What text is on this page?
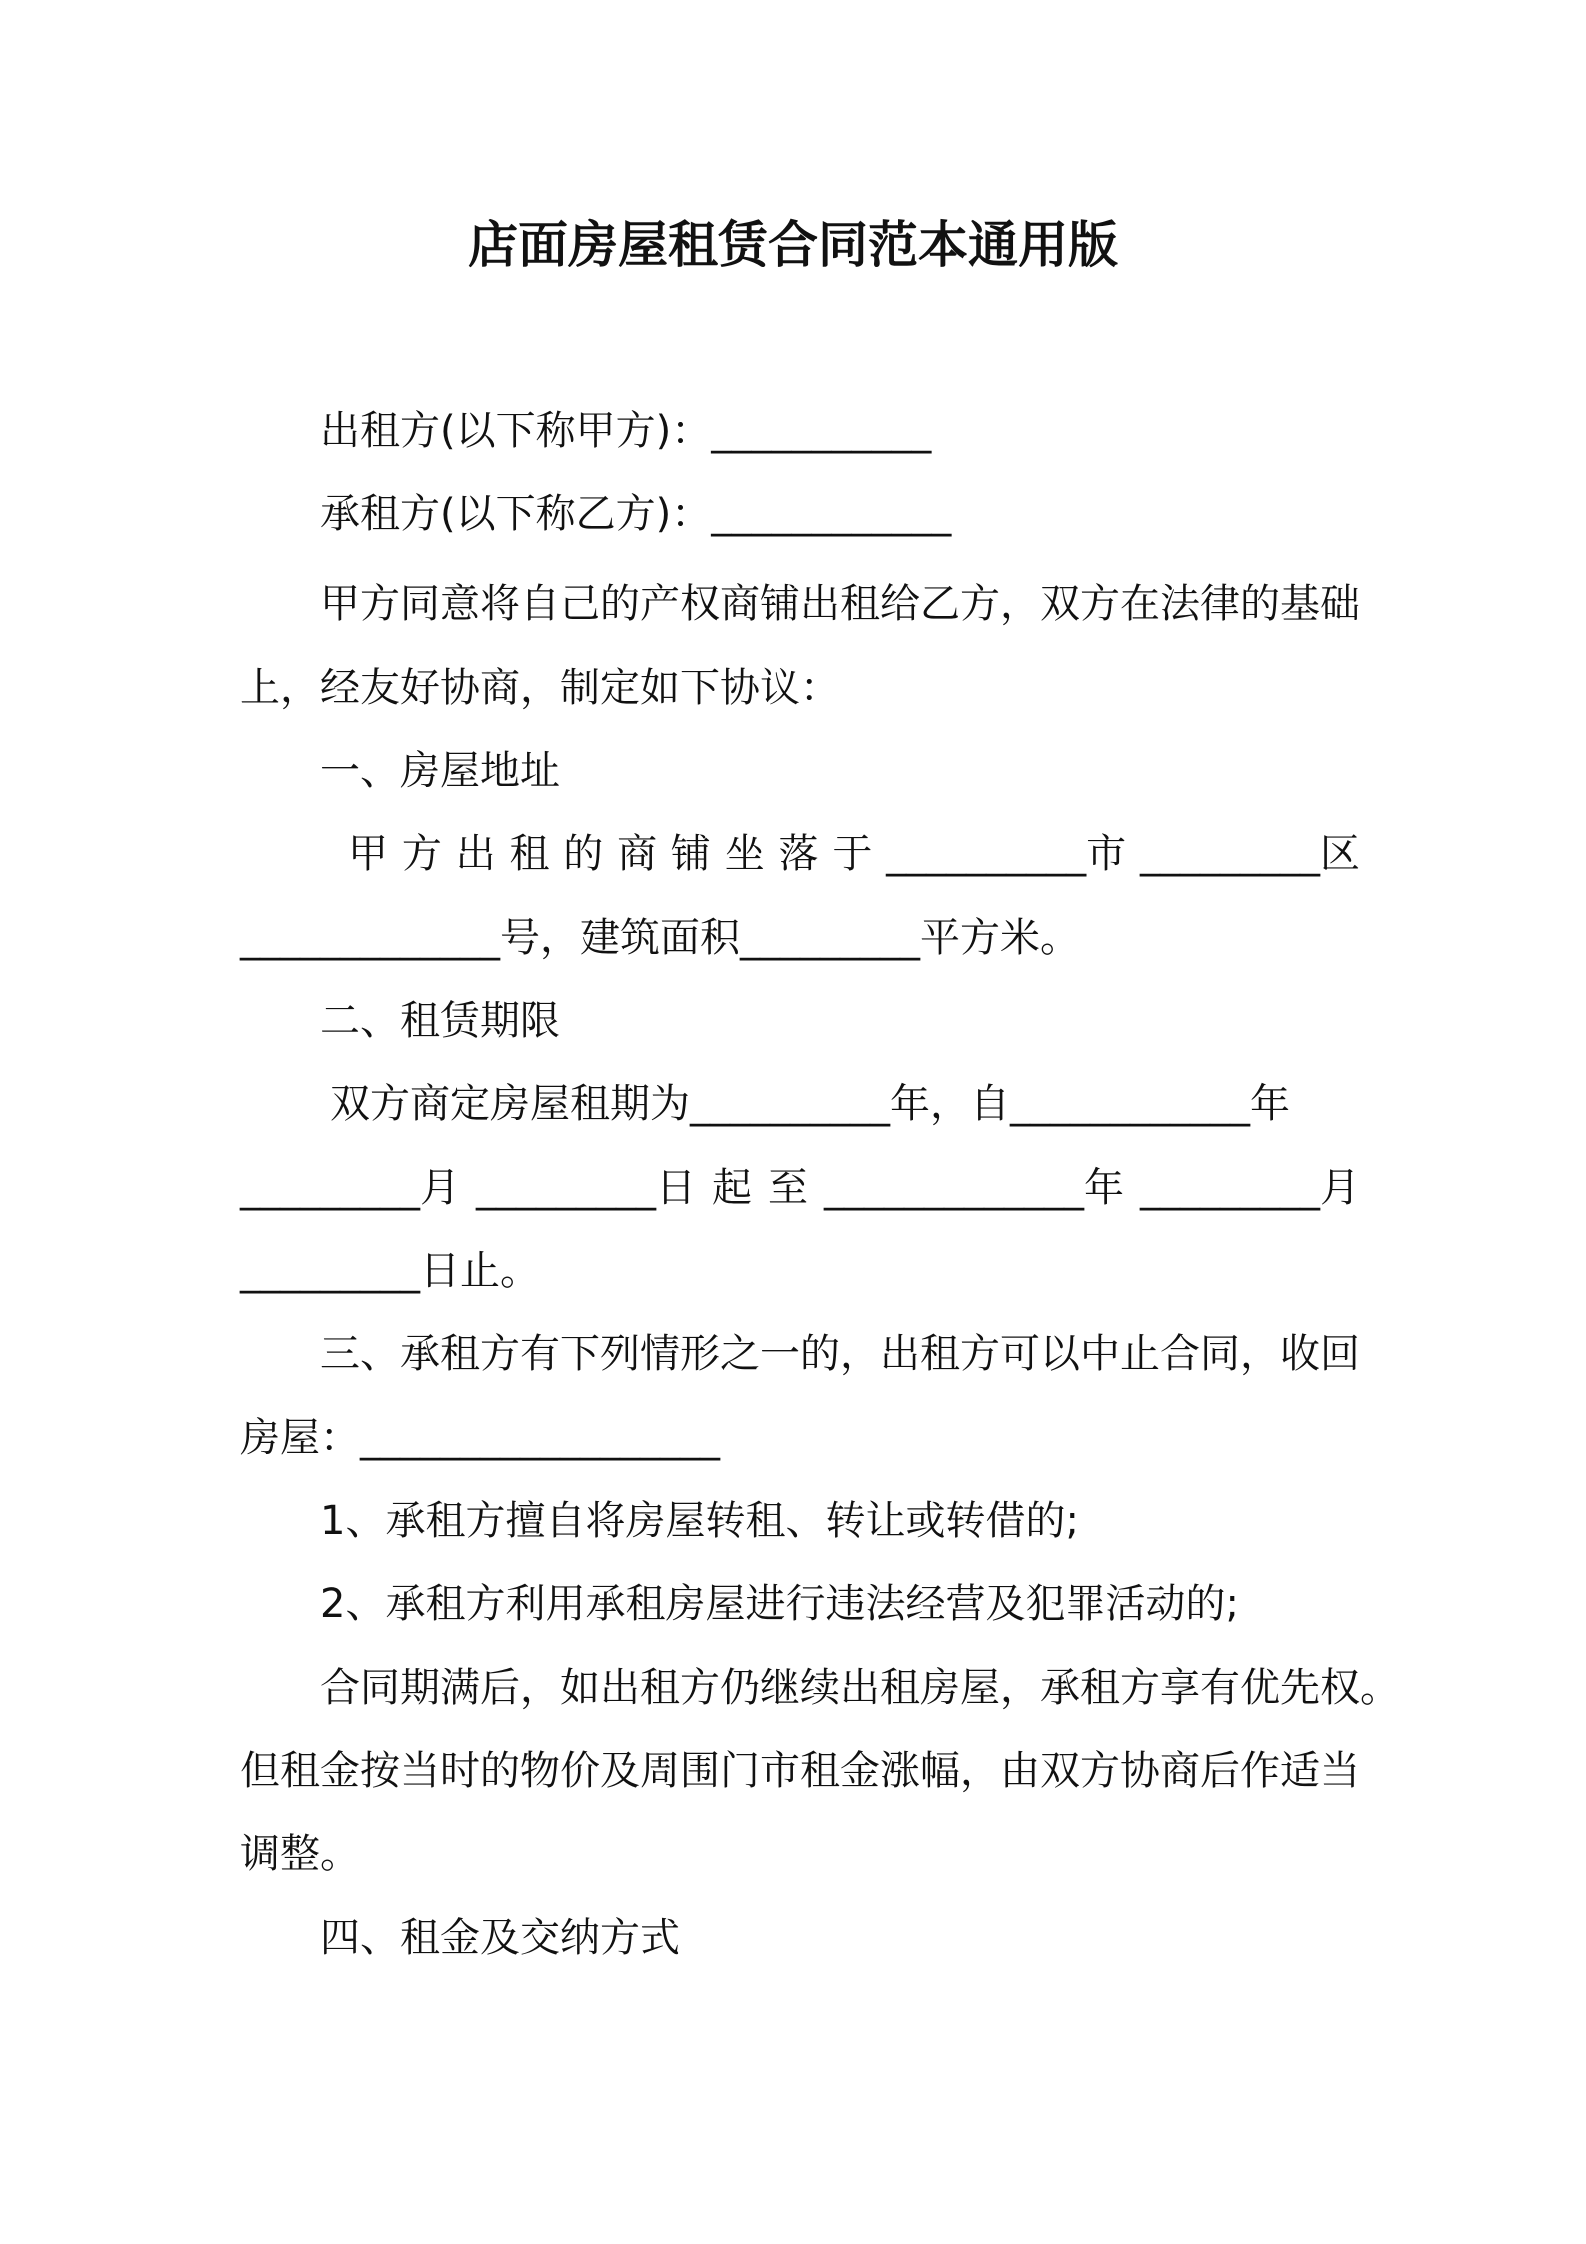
店面房屋租赁合同范本通用版
出租方(以下称甲方)：___________
承租方(以下称乙方)：____________
甲方同意将自己的产权商铺出租给乙方，双方在法律的基础
上，经友好协商，制定如下协议：
一、房屋地址
甲 方 出 租 的 商 铺 坐 落 于 __________市 _________区
_____________号，建筑面积_________平方米。
二、租赁期限
双方商定房屋租期为__________年，自____________年
_________月 _________日 起 至 _____________年 _________月
_________日止。
三、承租方有下列情形之一的，出租方可以中止合同，收回
房屋：__________________
1、承租方擅自将房屋转租、转让或转借的;
2、承租方利用承租房屋进行违法经营及犯罪活动的;
合同期满后，如出租方仍继续出租房屋，承租方享有优先权。
但租金按当时的物价及周围门市租金涨幅，由双方协商后作适当
调整。
四、租金及交纳方式
